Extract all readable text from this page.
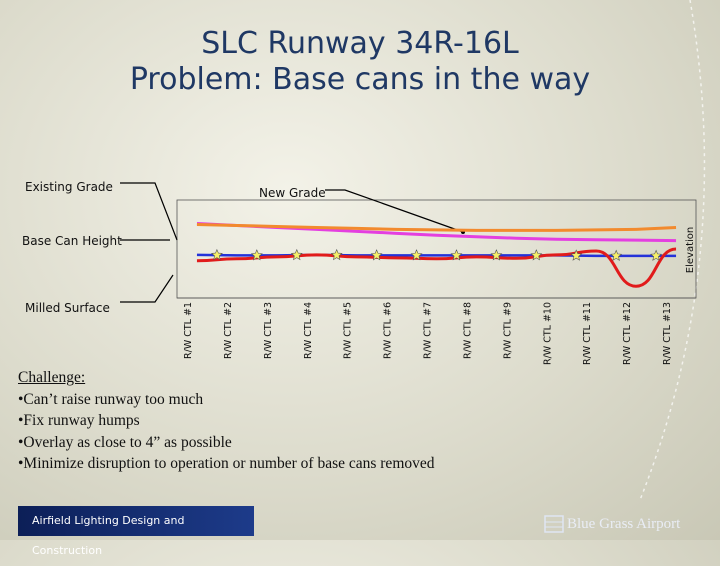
SLC Runway 34R-16L
Problem: Base cans in the way
Existing Grade	New Grade
Base Can Height
Milled Surface	R/W CTL #1	R/W CTL #2	R/W CTL #3	R/W CTL #4	R/W CTL #5	R/W CTL #6	R/W CTL #7	R/W CTL #8	R/W CTL #9	R/W CTL #10	R/W CTL #11	R/W CTL #12	R/W CTL #13
Elevation
Challenge:
•Can’t raise runway too much
•Fix runway humps
•Overlay as close to 4” as possible
•Minimize disruption to operation or number of base cans removed
Airfield Lighting Design and Construction
Blue Grass Airport
